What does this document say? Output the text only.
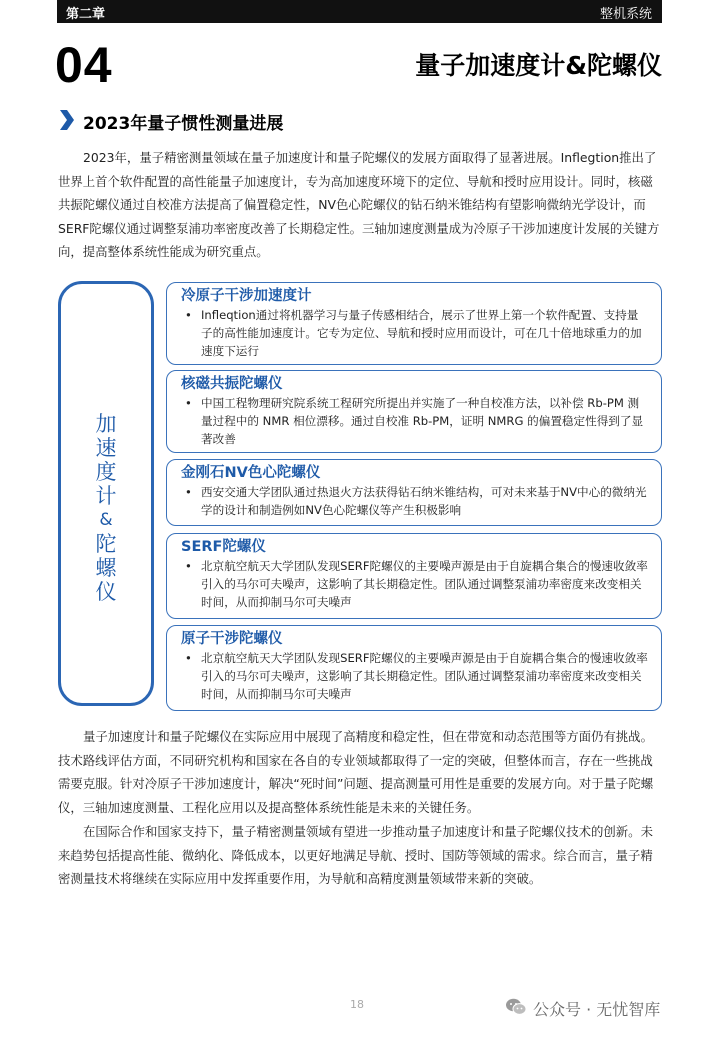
第二章	整机系统
04	量子加速度计&陀螺仪
2023年量子惯性测量进展
2023年，量子精密测量领域在量子加速度计和量子陀螺仪的发展方面取得了显著进展。Inflegtion推出了世界上首个软件配置的高性能量子加速度计，专为高加速度环境下的定位、导航和授时应用设计。同时，核磁共振陀螺仪通过自校准方法提高了偏置稳定性，NV色心陀螺仪的钻石纳米锥结构有望影响微纳光学设计，而SERF陀螺仪通过调整泵浦功率密度改善了长期稳定性。三轴加速度测量成为冷原子干涉加速度计发展的关键方向，提高整体系统性能成为研究重点。
加
速
度
计
&
陀
螺
仪
冷原子干涉加速度计
• Infleqtion通过将机器学习与量子传感相结合，展示了世界上第一个软件配置、支持量子的高性能加速度计。它专为定位、导航和授时应用而设计，可在几十倍地球重力的加速度下运行
核磁共振陀螺仪
• 中国工程物理研究院系统工程研究所提出并实施了一种自校准方法，以补偿 Rb-PM 测量过程中的 NMR 相位漂移。通过自校准 Rb-PM，证明 NMRG 的偏置稳定性得到了显著改善
金刚石NV色心陀螺仪
• 西安交通大学团队通过热退火方法获得钻石纳米锥结构，可对未来基于NV中心的微纳光学的设计和制造例如NV色心陀螺仪等产生积极影响
SERF陀螺仪
• 北京航空航天大学团队发现SERF陀螺仪的主要噪声源是由于自旋耦合集合的慢速收敛率引入的马尔可夫噪声，这影响了其长期稳定性。团队通过调整泵浦功率密度来改变相关时间，从而抑制马尔可夫噪声
原子干涉陀螺仪
• 北京航空航天大学团队发现SERF陀螺仪的主要噪声源是由于自旋耦合集合的慢速收敛率引入的马尔可夫噪声，这影响了其长期稳定性。团队通过调整泵浦功率密度来改变相关时间，从而抑制马尔可夫噪声
量子加速度计和量子陀螺仪在实际应用中展现了高精度和稳定性，但在带宽和动态范围等方面仍有挑战。技术路线评估方面，不同研究机构和国家在各自的专业领域都取得了一定的突破，但整体而言，存在一些挑战需要克服。针对冷原子干涉加速度计，解决“死时间”问题、提高测量可用性是重要的发展方向。对于量子陀螺仪，三轴加速度测量、工程化应用以及提高整体系统性能是未来的关键任务。
在国际合作和国家支持下，量子精密测量领域有望进一步推动量子加速度计和量子陀螺仪技术的创新。未来趋势包括提高性能、微纳化、降低成本，以更好地满足导航、授时、国防等领域的需求。综合而言，量子精密测量技术将继续在实际应用中发挥重要作用，为导航和高精度测量领域带来新的突破。
18	公众号 · 无忧智库
